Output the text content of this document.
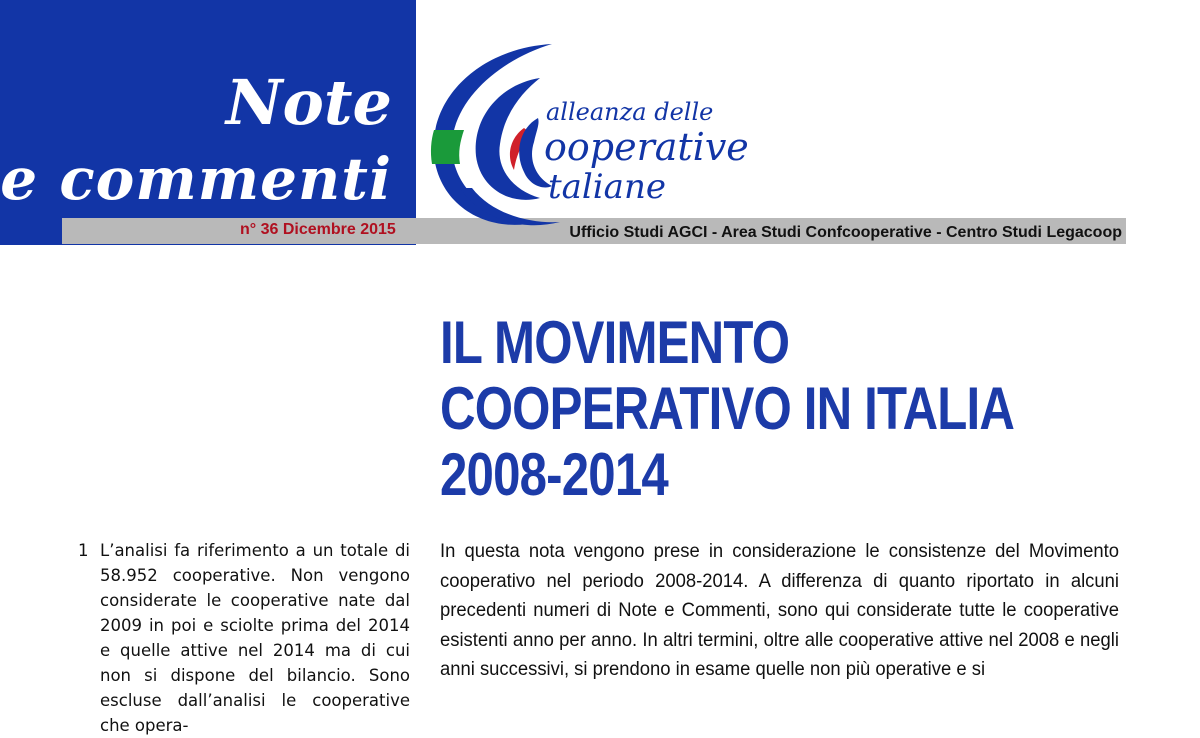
Note
e commenti
n° 36 Dicembre 2015	Ufficio Studi AGCI - Area Studi Confcooperative - Centro Studi Legacoop
alleanza delle
ooperative
taliane
IL MOVIMENTO
COOPERATIVO IN ITALIA
2008-2014
1 L’analisi fa riferimento a un totale di 58.952 cooperative. Non vengono considerate le cooperative nate dal 2009 in poi e sciolte prima del 2014 e quelle attive nel 2014 ma di cui non si dispone del bilancio. Sono escluse dall’analisi le cooperative che opera-
In questa nota vengono prese in considerazione le consistenze del Movimento cooperativo nel periodo 2008-2014. A differenza di quanto riportato in alcuni precedenti numeri di Note e Commenti, sono qui considerate tutte le cooperative esistenti anno per anno. In altri termini, oltre alle cooperative attive nel 2008 e negli anni successivi, si prendono in esame quelle non più operative e si
